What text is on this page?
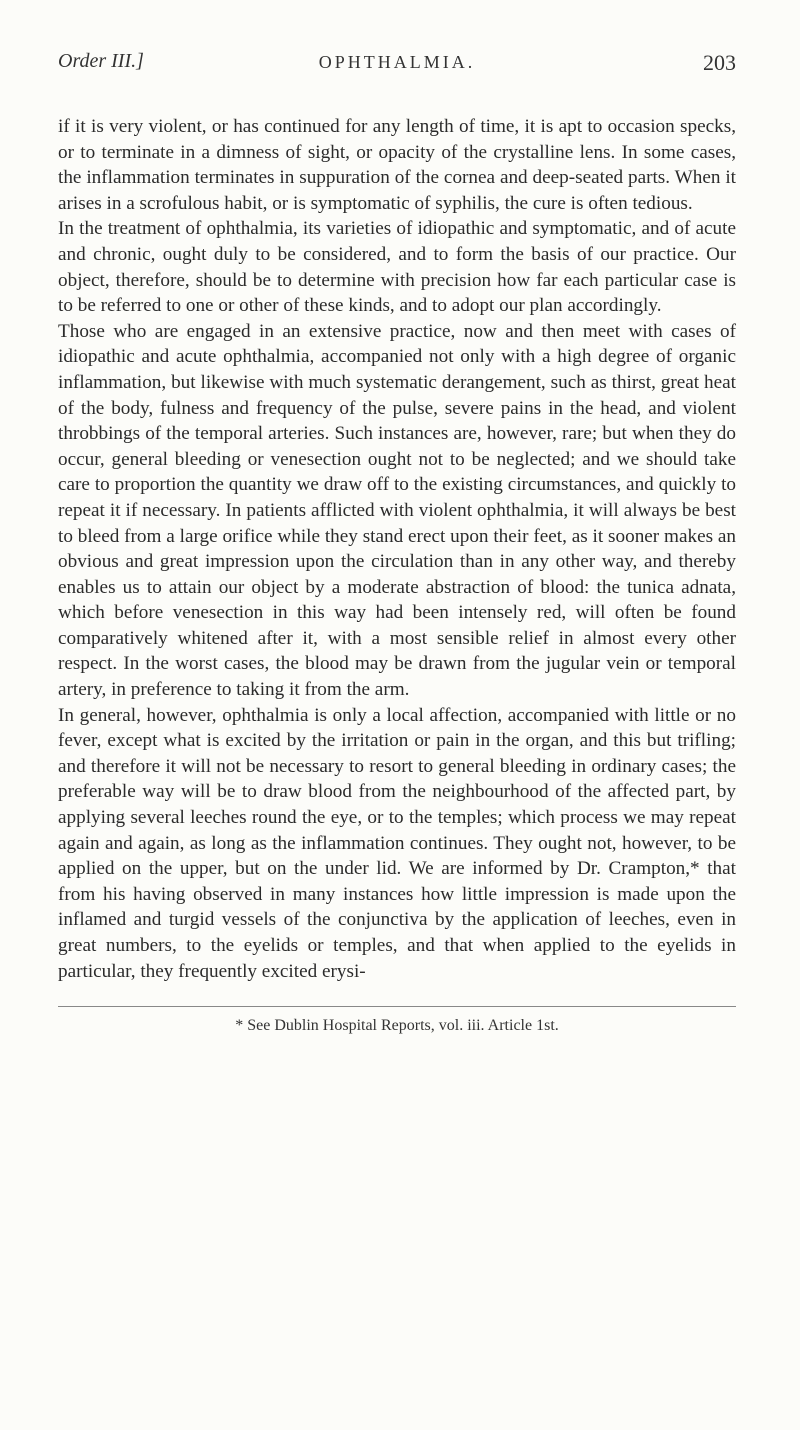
Order III.]	OPHTHALMIA.	203

if it is very violent, or has continued for any length of time, it is apt to occasion specks, or to terminate in a dimness of sight, or opacity of the crystalline lens. In some cases, the inflammation terminates in suppuration of the cornea and deep-seated parts. When it arises in a scrofulous habit, or is symptomatic of syphilis, the cure is often tedious.

In the treatment of ophthalmia, its varieties of idiopathic and symptomatic, and of acute and chronic, ought duly to be considered, and to form the basis of our practice. Our object, therefore, should be to determine with precision how far each particular case is to be referred to one or other of these kinds, and to adopt our plan accordingly.

Those who are engaged in an extensive practice, now and then meet with cases of idiopathic and acute ophthalmia, accompanied not only with a high degree of organic inflammation, but likewise with much systematic derangement, such as thirst, great heat of the body, fulness and frequency of the pulse, severe pains in the head, and violent throbbings of the temporal arteries. Such instances are, however, rare; but when they do occur, general bleeding or venesection ought not to be neglected; and we should take care to proportion the quantity we draw off to the existing circumstances, and quickly to repeat it if necessary. In patients afflicted with violent ophthalmia, it will always be best to bleed from a large orifice while they stand erect upon their feet, as it sooner makes an obvious and great impression upon the circulation than in any other way, and thereby enables us to attain our object by a moderate abstraction of blood: the tunica adnata, which before venesection in this way had been intensely red, will often be found comparatively whitened after it, with a most sensible relief in almost every other respect. In the worst cases, the blood may be drawn from the jugular vein or temporal artery, in preference to taking it from the arm.

In general, however, ophthalmia is only a local affection, accompanied with little or no fever, except what is excited by the irritation or pain in the organ, and this but trifling; and therefore it will not be necessary to resort to general bleeding in ordinary cases; the preferable way will be to draw blood from the neighbourhood of the affected part, by applying several leeches round the eye, or to the temples; which process we may repeat again and again, as long as the inflammation continues. They ought not, however, to be applied on the upper, but on the under lid. We are informed by Dr. Crampton,* that from his having observed in many instances how little impression is made upon the inflamed and turgid vessels of the conjunctiva by the application of leeches, even in great numbers, to the eyelids or temples, and that when applied to the eyelids in particular, they frequently excited erysi-

* See Dublin Hospital Reports, vol. iii. Article 1st.
